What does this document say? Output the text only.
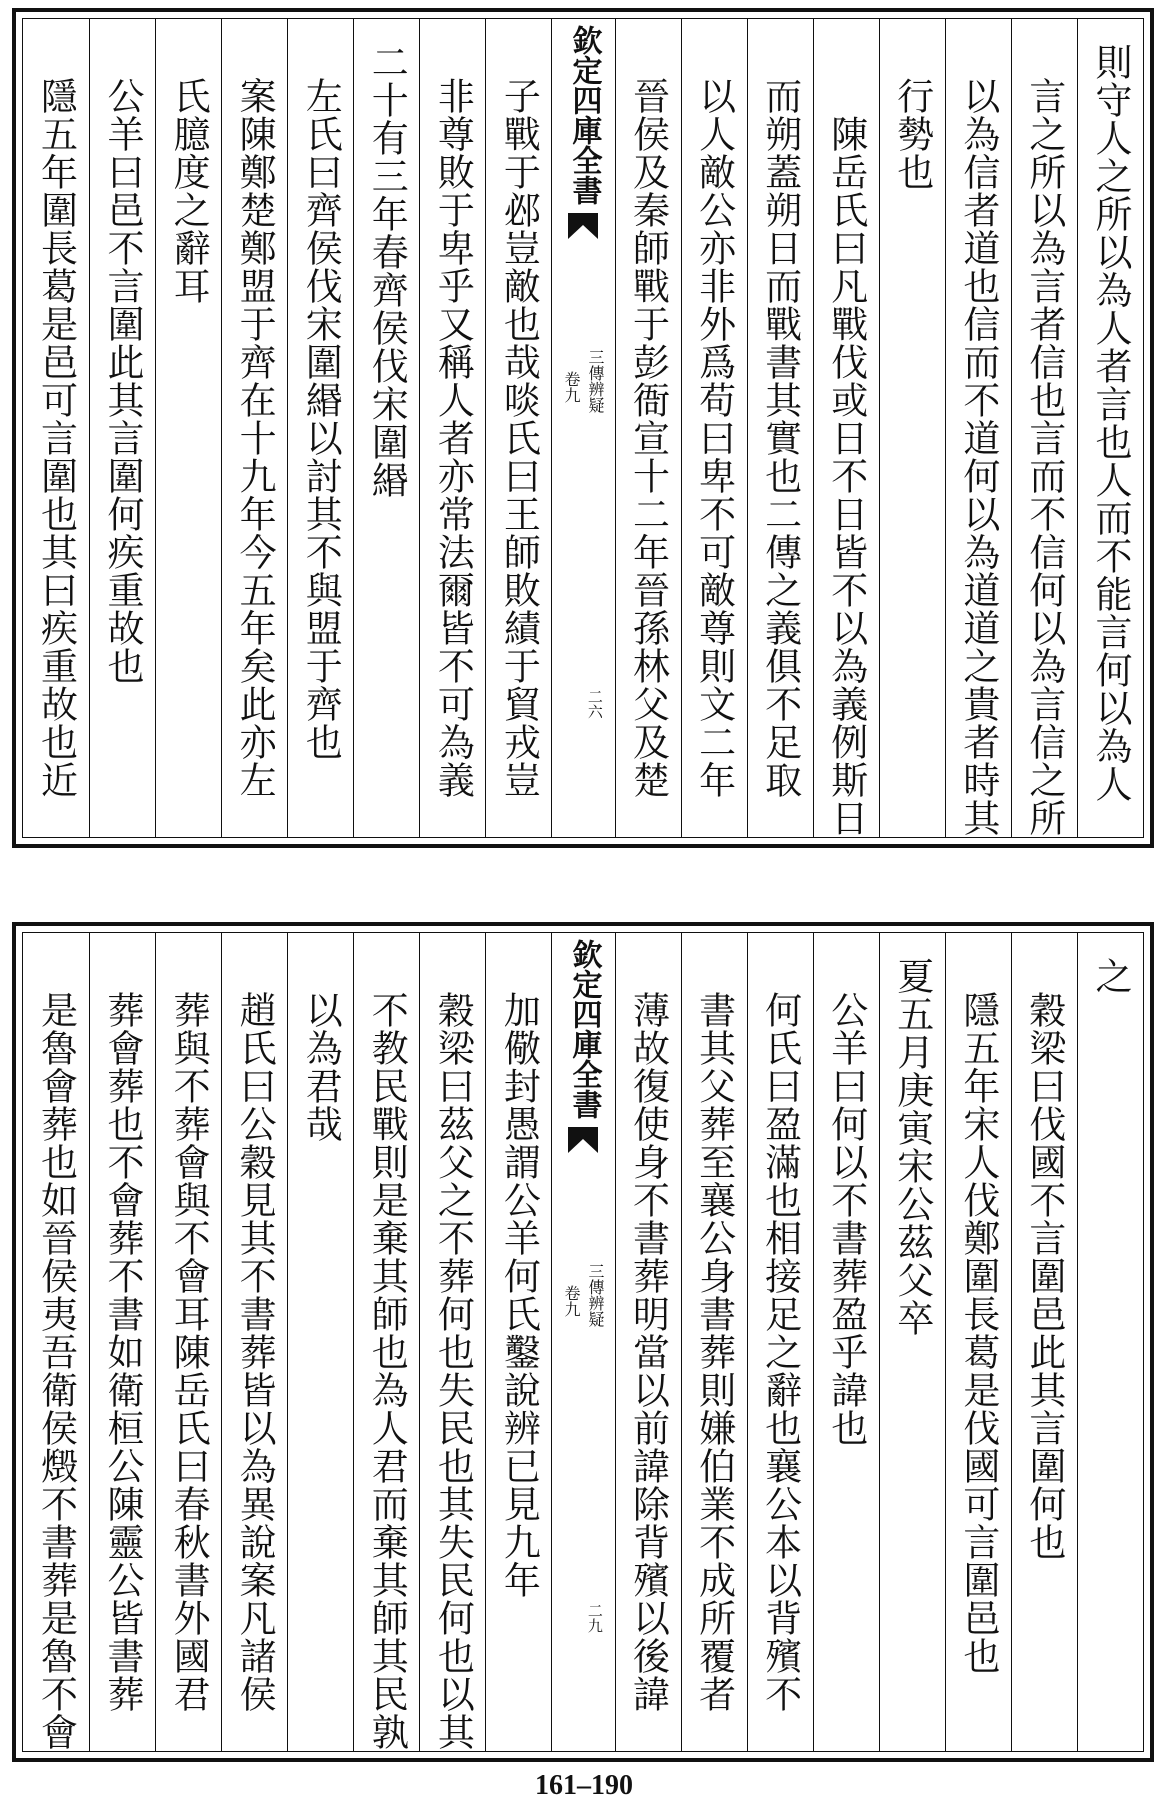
則守人之所以為人者言也人而不能言何以為人
言之所以為言者信也言而不信何以為言信之所
以為信者道也信而不道何以為道道之貴者時其
行勢也
陳岳氏曰凡戰伐或日不日皆不以為義例斯日
而朔蓋朔日而戰書其實也二傳之義俱不足取
以人敵公亦非外爲苟曰卑不可敵尊則文二年
晉侯及秦師戰于彭衙宣十二年晉孫林父及楚
欽定四庫全書
三傳辨疑
卷九
二六
子戰于邲豈敵也哉啖氏曰王師敗績于貿戎豈
非尊敗于卑乎又稱人者亦常法爾皆不可為義
二十有三年春齊侯伐宋圍緡
左氏曰齊侯伐宋圍緡以討其不與盟于齊也
案陳鄭楚鄭盟于齊在十九年今五年矣此亦左
氏臆度之辭耳
公羊曰邑不言圍此其言圍何疾重故也
隱五年圍長葛是邑可言圍也其曰疾重故也近
之
穀梁曰伐國不言圍邑此其言圍何也
隱五年宋人伐鄭圍長葛是伐國可言圍邑也
夏五月庚寅宋公茲父卒
公羊曰何以不書葬盈乎諱也
何氏曰盈滿也相接足之辭也襄公本以背殯不
書其父葬至襄公身書葬則嫌伯業不成所覆者
薄故復使身不書葬明當以前諱除背殯以後諱
欽定四庫全書
三傳辨疑
卷九
二九
加儆封愚謂公羊何氏鑿說辨已見九年
穀梁曰茲父之不葬何也失民也其失民何也以其
不教民戰則是棄其師也為人君而棄其師其民孰
以為君哉
趙氏曰公穀見其不書葬皆以為異說案凡諸侯
葬與不葬會與不會耳陳岳氏曰春秋書外國君
葬會葬也不會葬不書如衛桓公陳靈公皆書葬
是魯會葬也如晉侯夷吾衛侯燬不書葬是魯不會
161–190
